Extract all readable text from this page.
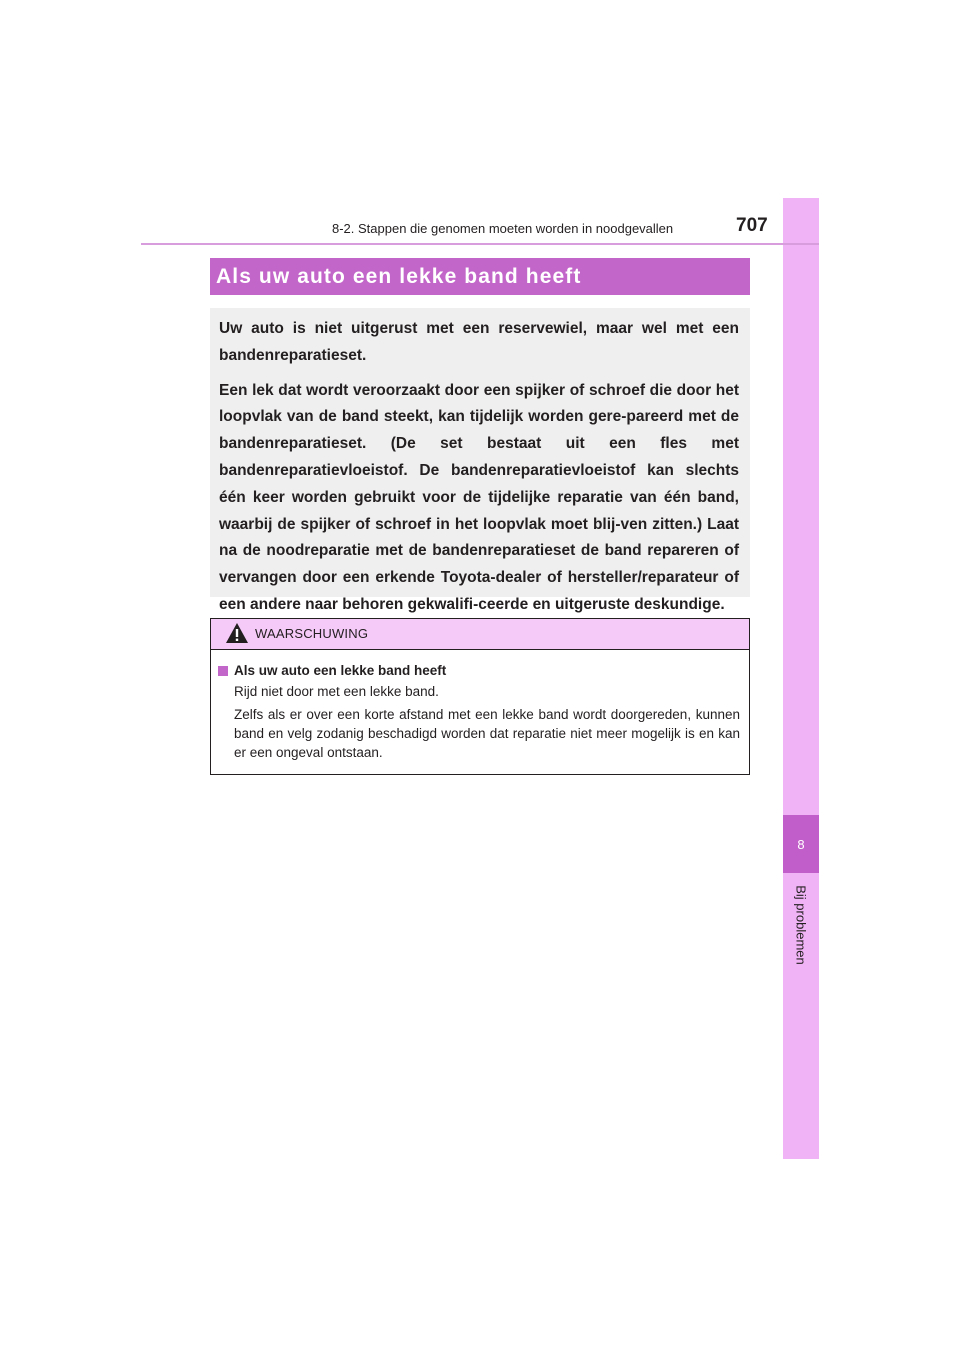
8
Bij problemen
8-2. Stappen die genomen moeten worden in noodgevallen	707
Als uw auto een lekke band heeft

Uw auto is niet uitgerust met een reservewiel, maar wel met een bandenreparatieset.

Een lek dat wordt veroorzaakt door een spijker of schroef die door het loopvlak van de band steekt, kan tijdelijk worden gere-pareerd met de bandenreparatieset. (De set bestaat uit een fles met bandenreparatievloeistof. De bandenreparatievloeistof kan slechts één keer worden gebruikt voor de tijdelijke reparatie van één band, waarbij de spijker of schroef in het loopvlak moet blij-ven zitten.) Laat na de noodreparatie met de bandenreparatieset de band repareren of vervangen door een erkende Toyota-dealer of hersteller/reparateur of een andere naar behoren gekwalifi-ceerde en uitgeruste deskundige.

WAARSCHUWING
Als uw auto een lekke band heeft

Rijd niet door met een lekke band.

Zelfs als er over een korte afstand met een lekke band wordt doorgereden, kunnen band en velg zodanig beschadigd worden dat reparatie niet meer mogelijk is en kan er een ongeval ontstaan.
